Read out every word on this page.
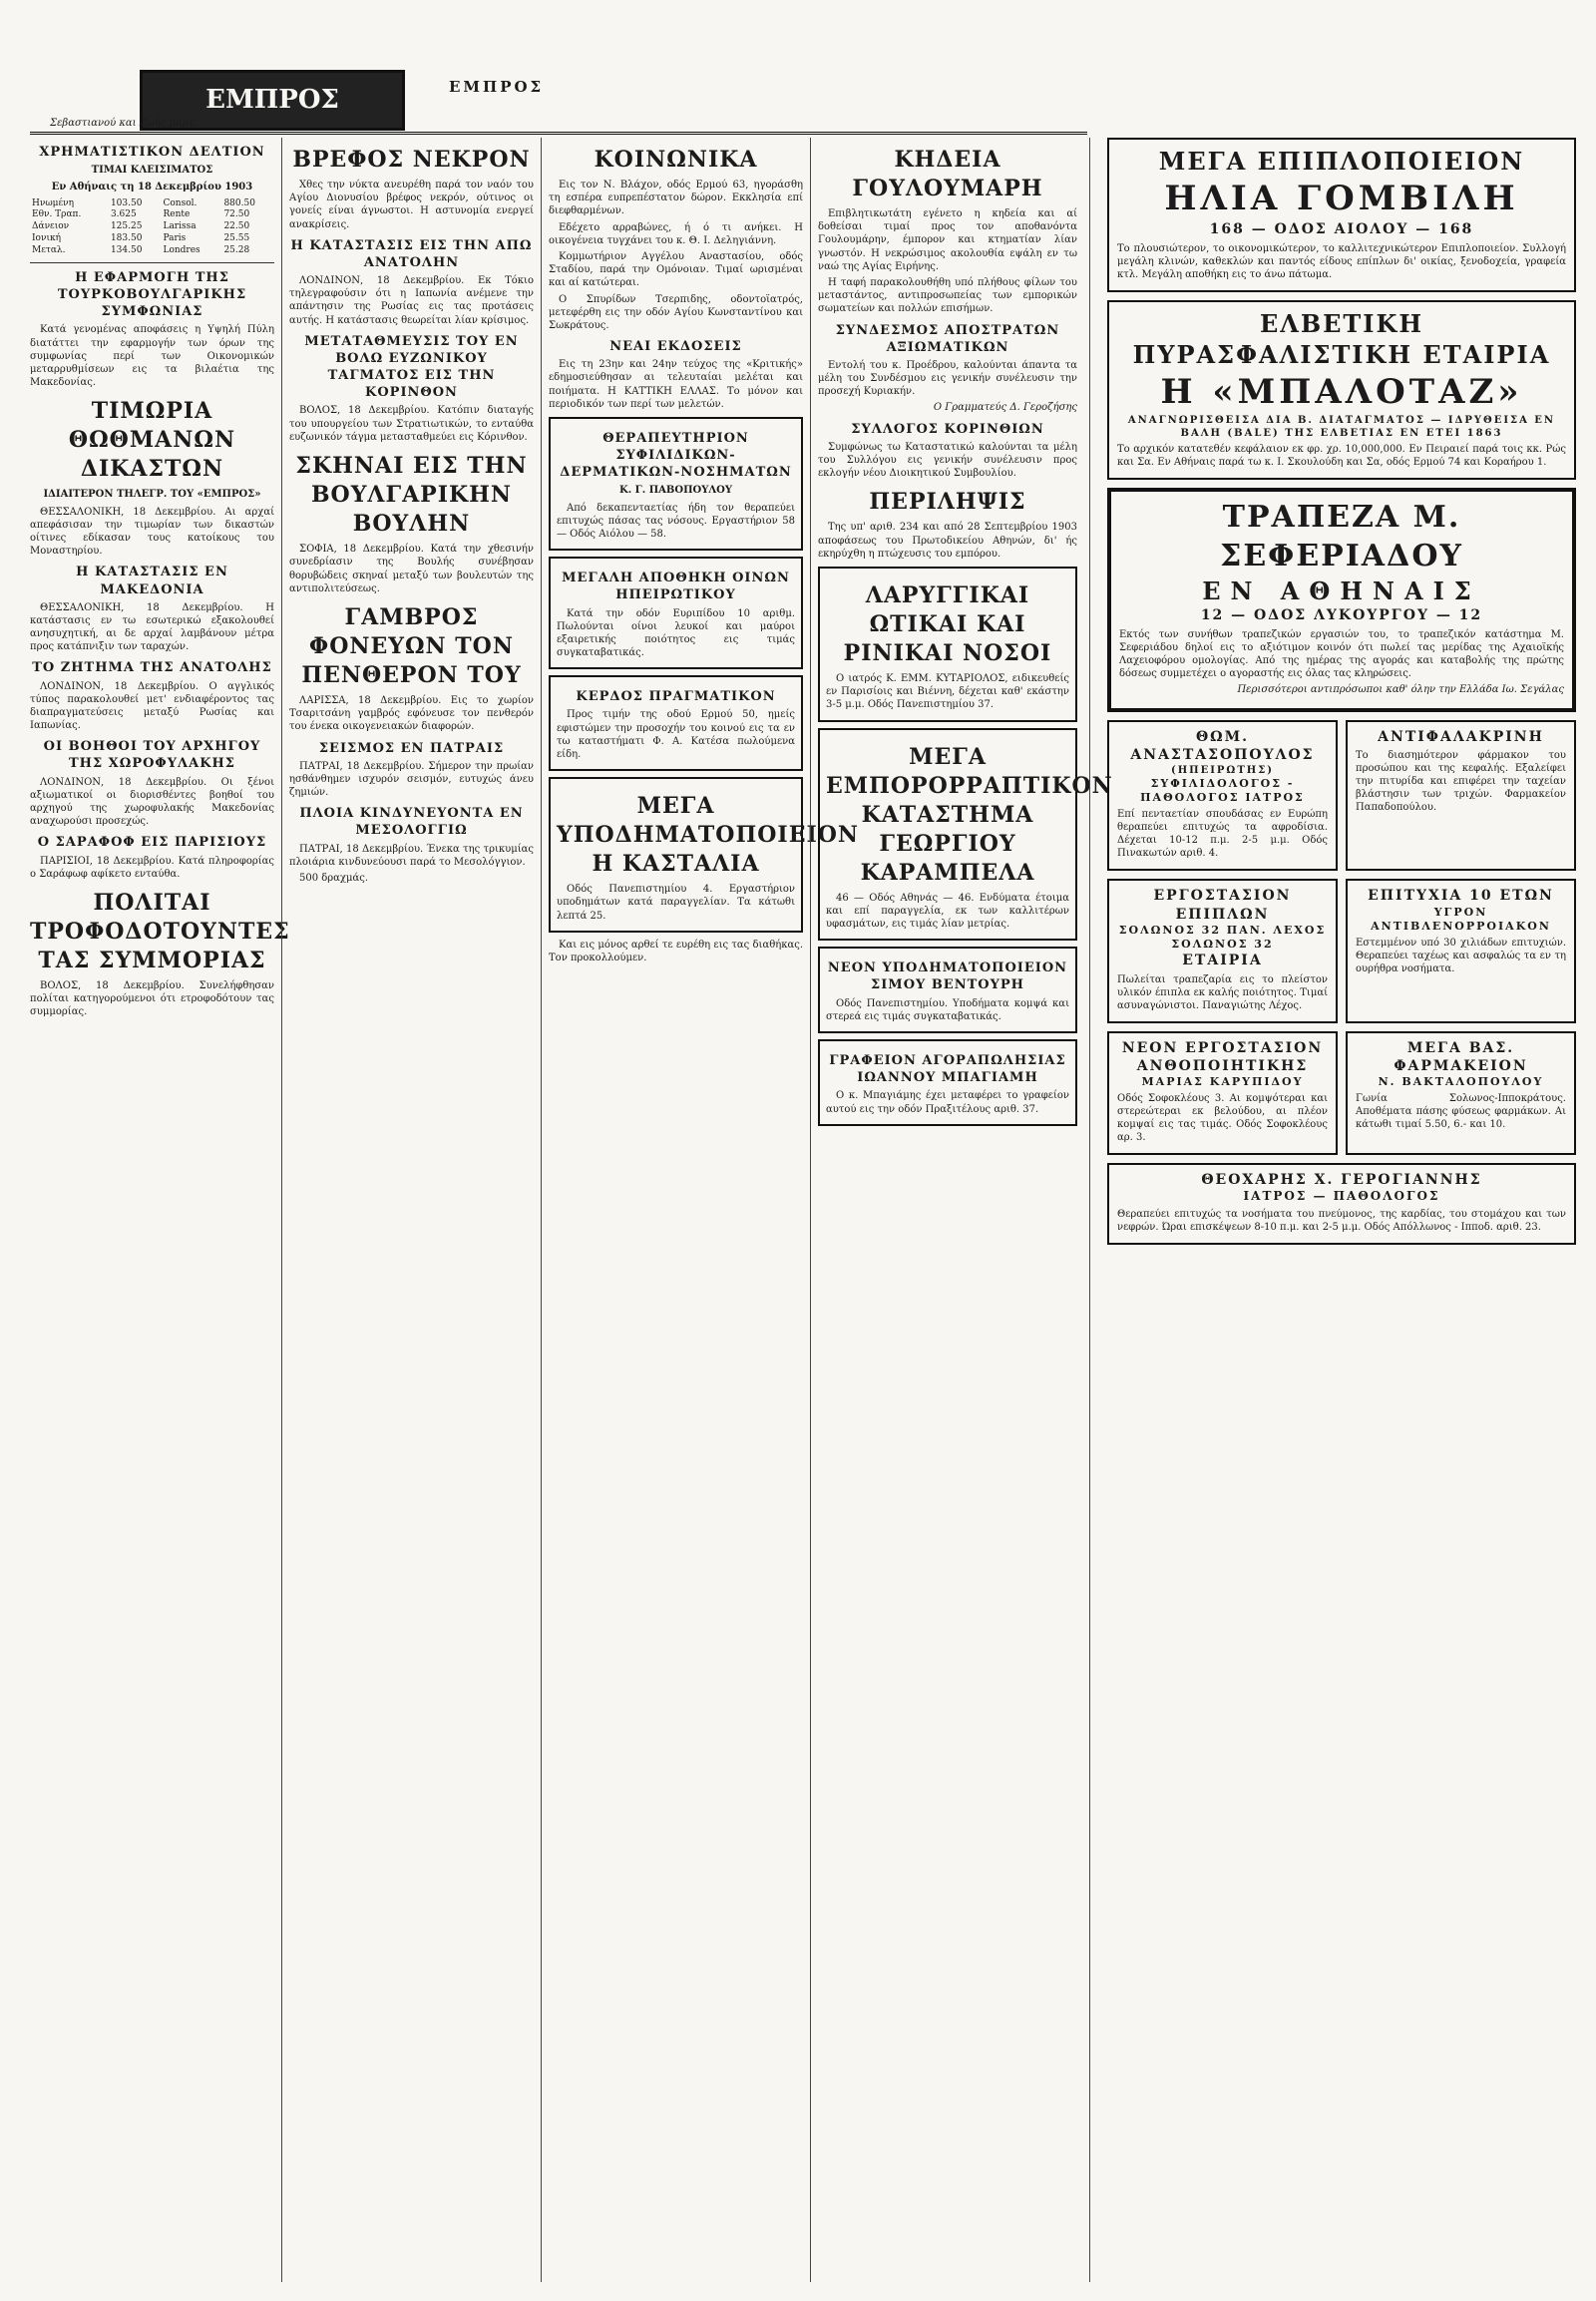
ΕΜΠΡΟΣ	ΕΜΠΡΟΣ
Σεβαστιανού και Ζωής μαρτ.
ΧΡΗΜΑΤΙΣΤΙΚΟΝ ΔΕΛΤΙΟΝ
ΤΙΜΑΙ ΚΛΕΙΣΙΜΑΤΟΣ
Εν Αθήναις τη 18 Δεκεμβρίου 1903
Ηνωμένη	103.50	Consol.	880.50
Εθν. Τραπ.	3.625	Rente	72.50
Δάνειον	125.25	Larissa	22.50
Ιονική	183.50	Paris	25.55
Μεταλ.	134.50	Londres	25.28
Η ΕΦΑΡΜΟΓΗ ΤΗΣ ΤΟΥΡΚΟΒΟΥΛΓΑΡΙΚΗΣ ΣΥΜΦΩΝΙΑΣ

Κατά γενομένας αποφάσεις η Υψηλή Πύλη διατάττει την εφαρμογήν των όρων της συμφωνίας περί των Οικονομικών μεταρρυθμίσεων εις τα βιλαέτια της Μακεδονίας.

ΤΙΜΩΡΙΑ ΘΩΘΜΑΝΩΝ ΔΙΚΑΣΤΩΝ
ΙΔΙΑΙΤΕΡΟΝ ΤΗΛΕΓΡ. ΤΟΥ «ΕΜΠΡΟΣ»

ΘΕΣΣΑΛΟΝΙΚΗ, 18 Δεκεμβρίου. Αι αρχαί απεφάσισαν την τιμωρίαν των δικαστών οίτινες εδίκασαν τους κατοίκους του Μοναστηρίου.

Η ΚΑΤΑΣΤΑΣΙΣ ΕΝ ΜΑΚΕΔΟΝΙΑ

ΘΕΣΣΑΛΟΝΙΚΗ, 18 Δεκεμβρίου. Η κατάστασις εν τω εσωτερικώ εξακολουθεί ανησυχητική, αι δε αρχαί λαμβάνουν μέτρα προς κατάπνιξιν των ταραχών.

ΤΟ ΖΗΤΗΜΑ ΤΗΣ ΑΝΑΤΟΛΗΣ

ΛΟΝΔΙΝΟΝ, 18 Δεκεμβρίου. Ο αγγλικός τύπος παρακολουθεί μετ' ενδιαφέροντος τας διαπραγματεύσεις μεταξύ Ρωσίας και Ιαπωνίας.

ΟΙ ΒΟΗΘΟΙ ΤΟΥ ΑΡΧΗΓΟΥ ΤΗΣ ΧΩΡΟΦΥΛΑΚΗΣ

ΛΟΝΔΙΝΟΝ, 18 Δεκεμβρίου. Οι ξένοι αξιωματικοί οι διορισθέντες βοηθοί του αρχηγού της χωροφυλακής Μακεδονίας αναχωρούσι προσεχώς.

Ο ΣΑΡΑΦΟΦ ΕΙΣ ΠΑΡΙΣΙΟΥΣ

ΠΑΡΙΣΙΟΙ, 18 Δεκεμβρίου. Κατά πληροφορίας ο Σαράφωφ αφίκετο ενταύθα.

ΠΟΛΙΤΑΙ ΤΡΟΦΟΔΟΤΟΥΝΤΕΣ ΤΑΣ ΣΥΜΜΟΡΙΑΣ

ΒΟΛΟΣ, 18 Δεκεμβρίου. Συνελήφθησαν πολίται κατηγορούμενοι ότι ετροφοδότουν τας συμμορίας.

ΒΡΕΦΟΣ ΝΕΚΡΟΝ

Χθες την νύκτα ανευρέθη παρά τον ναόν του Αγίου Διονυσίου βρέφος νεκρόν, ούτινος οι γονείς είναι άγνωστοι. Η αστυνομία ενεργεί ανακρίσεις.

Η ΚΑΤΑΣΤΑΣΙΣ ΕΙΣ ΤΗΝ ΑΠΩ ΑΝΑΤΟΛΗΝ

ΛΟΝΔΙΝΟΝ, 18 Δεκεμβρίου. Εκ Τόκιο τηλεγραφούσιν ότι η Ιαπωνία ανέμενε την απάντησιν της Ρωσίας εις τας προτάσεις αυτής. Η κατάστασις θεωρείται λίαν κρίσιμος.

ΜΕΤΑΤΑΘΜΕΥΣΙΣ ΤΟΥ ΕΝ ΒΟΛΩ ΕΥΖΩΝΙΚΟΥ ΤΑΓΜΑΤΟΣ ΕΙΣ ΤΗΝ ΚΟΡΙΝΘΟΝ

ΒΟΛΟΣ, 18 Δεκεμβρίου. Κατόπιν διαταγής του υπουργείου των Στρατιωτικών, το ενταύθα ευζωνικόν τάγμα μετασταθμεύει εις Κόρινθον.

ΣΚΗΝΑΙ ΕΙΣ ΤΗΝ ΒΟΥΛΓΑΡΙΚΗΝ ΒΟΥΛΗΝ

ΣΟΦΙΑ, 18 Δεκεμβρίου. Κατά την χθεσινήν συνεδρίασιν της Βουλής συνέβησαν θορυβώδεις σκηναί μεταξύ των βουλευτών της αντιπολιτεύσεως.

ΓΑΜΒΡΟΣ ΦΟΝΕΥΩΝ ΤΟΝ ΠΕΝΘΕΡΟΝ ΤΟΥ

ΛΑΡΙΣΣΑ, 18 Δεκεμβρίου. Εις το χωρίον Τσαριτσάνη γαμβρός εφόνευσε τον πενθερόν του ένεκα οικογενειακών διαφορών.

ΣΕΙΣΜΟΣ ΕΝ ΠΑΤΡΑΙΣ

ΠΑΤΡΑΙ, 18 Δεκεμβρίου. Σήμερον την πρωίαν ησθάνθημεν ισχυρόν σεισμόν, ευτυχώς άνευ ζημιών.

ΠΛΟΙΑ ΚΙΝΔΥΝΕΥΟΝΤΑ ΕΝ ΜΕΣΟΛΟΓΓΙΩ

ΠΑΤΡΑΙ, 18 Δεκεμβρίου. Ένεκα της τρικυμίας πλοιάρια κινδυνεύουσι παρά το Μεσολόγγιον.

500 δραχμάς.

ΚΟΙΝΩΝΙΚΑ

Εις τον Ν. Βλάχον, οδός Ερμού 63, ηγοράσθη τη εσπέρα ευπρεπέστατον δώρον. Εκκλησία επί διεφθαρμένων.

Εδέχετο αρραβώνες, ή ό τι ανήκει. Η οικογένεια τυγχάνει του κ. Θ. Ι. Δεληγιάννη.

Κομμωτήριον Αγγέλου Αναστασίου, οδός Σταδίου, παρά την Ομόνοιαν. Τιμαί ωρισμέναι και αί κατώτεραι.

Ο Σπυρίδων Τσερπιδης, οδοντοϊατρός, μετεφέρθη εις την οδόν Αγίου Κωνσταντίνου και Σωκράτους.

ΝΕΑΙ ΕΚΔΟΣΕΙΣ

Εις τη 23ην και 24ην τεύχος της «Κριτικής» εδημοσιεύθησαν αι τελευταίαι μελέται και ποιήματα. Η ΚΑΤΤΙΚΗ ΕΛΛΑΣ. Το μόνον και περιοδικόν των περί των μελετών.

ΘΕΡΑΠΕΥΤΗΡΙΟΝ ΣΥΦΙΛΙΔΙΚΩΝ-ΔΕΡΜΑΤΙΚΩΝ-ΝΟΣΗΜΑΤΩΝ
Κ. Γ. ΠΑΒΟΠΟΥΛΟΥ

Από δεκαπενταετίας ήδη τον θεραπεύει επιτυχώς πάσας τας νόσους. Εργαστήριον 58 — Οδός Αιόλου — 58.

ΜΕΓΑΛΗ ΑΠΟΘΗΚΗ ΟΙΝΩΝ ΗΠΕΙΡΩΤΙΚΟΥ

Κατά την οδόν Ευριπίδου 10 αριθμ. Πωλούνται οίνοι λευκοί και μαύροι εξαιρετικής ποιότητος εις τιμάς συγκαταβατικάς.

ΚΕΡΔΟΣ ΠΡΑΓΜΑΤΙΚΟΝ

Προς τιμήν της οδού Ερμού 50, ημείς εφιστώμεν την προσοχήν του κοινού εις τα εν τω καταστήματι Φ. Α. Κατέσα πωλούμενα είδη.

ΜΕΓΑ ΥΠΟΔΗΜΑΤΟΠΟΙΕΙΟΝ Η ΚΑΣΤΑΛΙΑ

Οδός Πανεπιστημίου 4. Εργαστήριον υποδημάτων κατά παραγγελίαν. Τα κάτωθι λεπτά 25.

Και εις μόνος αρθεί τε ευρέθη εις τας διαθήκας. Τον προκολλούμεν.

ΚΗΔΕΙΑ ΓΟΥΛΟΥΜΑΡΗ

Επιβλητικωτάτη εγένετο η κηδεία και αί δοθείσαι τιμαί προς τον αποθανόντα Γουλουμάρην, έμπορον και κτηματίαν λίαν γνωστόν. Η νεκρώσιμος ακολουθία εψάλη εν τω ναώ της Αγίας Ειρήνης.

Η ταφή παρακολουθήθη υπό πλήθους φίλων του μεταστάντος, αντιπροσωπείας των εμπορικών σωματείων και πολλών επισήμων.

ΣΥΝΔΕΣΜΟΣ ΑΠΟΣΤΡΑΤΩΝ ΑΞΙΩΜΑΤΙΚΩΝ

Εντολή του κ. Προέδρου, καλούνται άπαντα τα μέλη του Συνδέσμου εις γενικήν συνέλευσιν την προσεχή Κυριακήν.

Ο Γραμματεύς Δ. Γεροζήσης
ΣΥΛΛΟΓΟΣ ΚΟΡΙΝΘΙΩΝ

Συμφώνως τω Καταστατικώ καλούνται τα μέλη του Συλλόγου εις γενικήν συνέλευσιν προς εκλογήν νέου Διοικητικού Συμβουλίου.

ΠΕΡΙΛΗΨΙΣ

Της υπ' αριθ. 234 και από 28 Σεπτεμβρίου 1903 αποφάσεως του Πρωτοδικείου Αθηνών, δι' ής εκηρύχθη η πτώχευσις του εμπόρου.

ΛΑΡΥΓΓΙΚΑΙ ΩΤΙΚΑΙ ΚΑΙ ΡΙΝΙΚΑΙ ΝΟΣΟΙ

Ο ιατρός Κ. ΕΜΜ. ΚΥΤΑΡΙΟΛΟΣ, ειδικευθείς εν Παρισίοις και Βιέννη, δέχεται καθ' εκάστην 3-5 μ.μ. Οδός Πανεπιστημίου 37.

ΜΕΓΑ ΕΜΠΟΡΟΡΡΑΠΤΙΚΟΝ ΚΑΤΑΣΤΗΜΑ ΓΕΩΡΓΙΟΥ ΚΑΡΑΜΠΕΛΑ

46 — Οδός Αθηνάς — 46. Ενδύματα έτοιμα και επί παραγγελία, εκ των καλλιτέρων υφασμάτων, εις τιμάς λίαν μετρίας.

ΝΕΟΝ ΥΠΟΔΗΜΑΤΟΠΟΙΕΙΟΝ ΣΙΜΟΥ ΒΕΝΤΟΥΡΗ

Οδός Πανεπιστημίου. Υποδήματα κομψά και στερεά εις τιμάς συγκαταβατικάς.

ΓΡΑΦΕΙΟΝ ΑΓΟΡΑΠΩΛΗΣΙΑΣ ΙΩΑΝΝΟΥ ΜΠΑΓΙΑΜΗ

Ο κ. Μπαγιάμης έχει μεταφέρει το γραφείον αυτού εις την οδόν Πραξιτέλους αριθ. 37.

ΜΕΓΑ ΕΠΙΠΛΟΠΟΙΕΙΟΝ
ΗΛΙΑ ΓΟΜΒΙΛΗ
168 — ΟΔΟΣ ΑΙΟΛΟΥ — 168

Το πλουσιώτερον, το οικονομικώτερον, το καλλιτεχνικώτερον Επιπλοποιείον. Συλλογή μεγάλη κλινών, καθεκλών και παντός είδους επίπλων δι' οικίας, ξενοδοχεία, γραφεία κτλ. Μεγάλη αποθήκη εις το άνω πάτωμα.

ΕΛΒΕΤΙΚΗ ΠΥΡΑΣΦΑΛΙΣΤΙΚΗ ΕΤΑΙΡΙΑ
Η «ΜΠΑΛΟΤΑΖ»
ΑΝΑΓΝΩΡΙΣΘΕΙΣΑ ΔΙΑ Β. ΔΙΑΤΑΓΜΑΤΟΣ — ΙΔΡΥΘΕΙΣΑ ΕΝ ΒΑΛΗ (BALE) ΤΗΣ ΕΛΒΕΤΙΑΣ ΕΝ ΕΤΕΙ 1863

Το αρχικόν κατατεθέν κεφάλαιον εκ φρ. χρ. 10,000,000. Εν Πειραιεί παρά τοις κκ. Ρώς και Σα. Εν Αθήναις παρά τω κ. Ι. Σκουλούδη και Σα, οδός Ερμού 74 και Κοραήρου 1.

ΤΡΑΠΕΖΑ Μ. ΣΕΦΕΡΙΑΔΟΥ
ΕΝ ΑΘΗΝΑΙΣ
12 — ΟΔΟΣ ΛΥΚΟΥΡΓΟΥ — 12

Εκτός των συνήθων τραπεζικών εργασιών του, το τραπεζικόν κατάστημα Μ. Σεφεριάδου δηλοί εις το αξιότιμον κοινόν ότι πωλεί τας μερίδας της Αχαιοϊκής Λαχειοφόρου ομολογίας. Από της ημέρας της αγοράς και καταβολής της πρώτης δόσεως συμμετέχει ο αγοραστής εις όλας τας κληρώσεις.

Περισσότεροι αντιπρόσωποι καθ' όλην την Ελλάδα Ιω. Σεγάλας
ΘΩΜ. ΑΝΑΣΤΑΣΟΠΟΥΛΟΣ
(ΗΠΕΙΡΩΤΗΣ)
ΣΥΦΙΛΙΔΟΛΟΓΟΣ - ΠΑΘΟΛΟΓΟΣ ΙΑΤΡΟΣ

Επί πενταετίαν σπουδάσας εν Ευρώπη θεραπεύει επιτυχώς τα αφροδίσια. Δέχεται 10-12 π.μ. 2-5 μ.μ. Οδός Πινακωτών αριθ. 4.

ΑΝΤΙΦΑΛΑΚΡΙΝΗ

Το διασημότερον φάρμακον του προσώπου και της κεφαλής. Εξαλείφει την πιτυρίδα και επιφέρει την ταχείαν βλάστησιν των τριχών. Φαρμακείον Παπαδοπούλου.

ΕΡΓΟΣΤΑΣΙΟΝ ΕΠΙΠΛΩΝ
ΣΟΛΩΝΟΣ 32 ΠΑΝ. ΛΕΧΟΣ ΣΟΛΩΝΟΣ 32
ΕΤΑΙΡΙΑ

Πωλείται τραπεζαρία εις το πλείστον υλικόν έπιπλα εκ καλής ποιότητος. Τιμαί ασυναγώνιστοι. Παναγιώτης Λέχος.

ΕΠΙΤΥΧΙΑ 10 ΕΤΩΝ
ΥΓΡΟΝ ΑΝΤΙΒΛΕΝΟΡΡΟΙΑΚΟΝ

Εστεμμένον υπό 30 χιλιάδων επιτυχιών. Θεραπεύει ταχέως και ασφαλώς τα εν τη ουρήθρα νοσήματα.

ΝΕΟΝ ΕΡΓΟΣΤΑΣΙΟΝ ΑΝΘΟΠΟΙΗΤΙΚΗΣ
ΜΑΡΙΑΣ ΚΑΡΥΠΙΔΟΥ

Οδός Σοφοκλέους 3. Αι κομψότεραι και στερεώτεραι εκ βελούδου, αι πλέον κομψαί εις τας τιμάς. Οδός Σοφοκλέους αρ. 3.

ΜΕΓΑ ΒΑΣ. ΦΑΡΜΑΚΕΙΟΝ
Ν. ΒΑΚΤΑΛΟΠΟΥΛΟΥ

Γωνία Σολωνος-Ιπποκράτους. Αποθέματα πάσης φύσεως φαρμάκων. Αι κάτωθι τιμαί 5.50, 6.- και 10.

ΘΕΟΧΑΡΗΣ Χ. ΓΕΡΟΓΙΑΝΝΗΣ
ΙΑΤΡΟΣ — ΠΑΘΟΛΟΓΟΣ

Θεραπεύει επιτυχώς τα νοσήματα του πνεύμονος, της καρδίας, του στομάχου και των νεφρών. Ώραι επισκέψεων 8-10 π.μ. και 2-5 μ.μ. Οδός Απόλλωνος - Ιπποδ. αριθ. 23.
